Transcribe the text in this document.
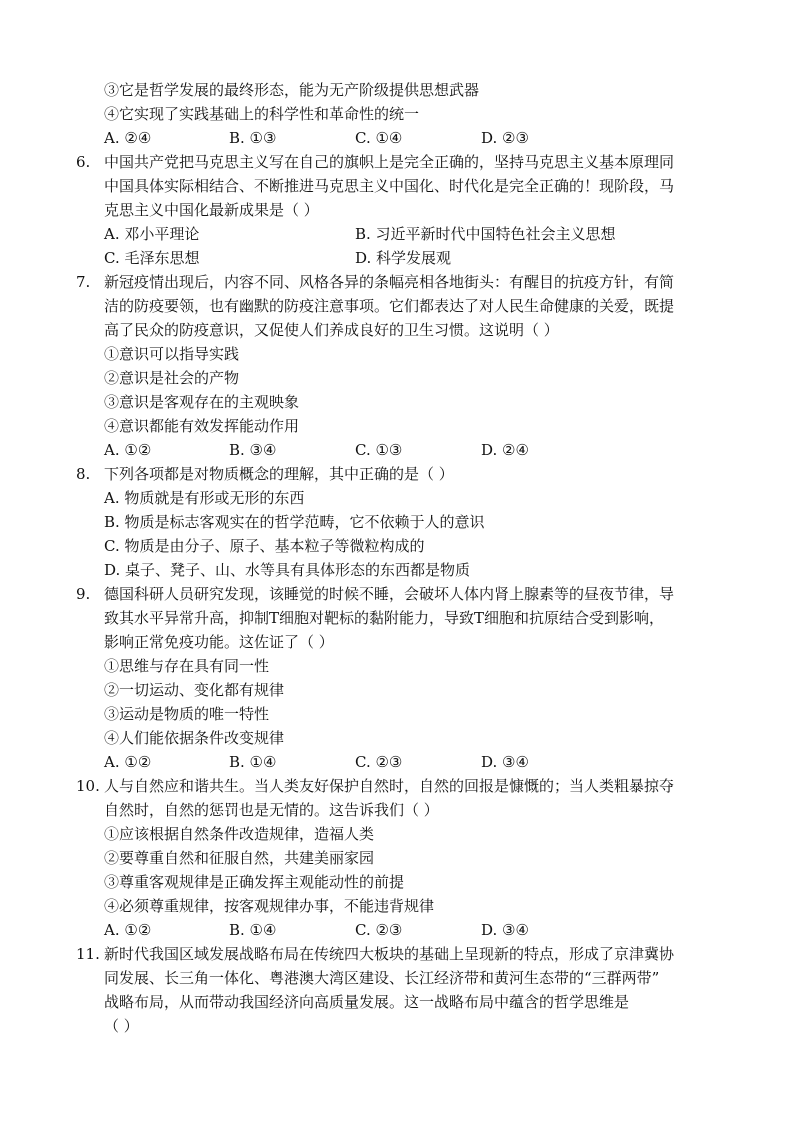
③它是哲学发展的最终形态，能为无产阶级提供思想武器
④它实现了实践基础上的科学性和革命性的统一
A. ②④	B. ①③	C. ①④	D. ②③
6. 中国共产党把马克思主义写在自己的旗帜上是完全正确的，坚持马克思主义基本原理同
中国具体实际相结合、不断推进马克思主义中国化、时代化是完全正确的！现阶段，马
克思主义中国化最新成果是（ ）
A. 邓小平理论	B. 习近平新时代中国特色社会主义思想
C. 毛泽东思想	D. 科学发展观
7. 新冠疫情出现后，内容不同、风格各异的条幅亮相各地街头：有醒目的抗疫方针，有简
洁的防疫要领，也有幽默的防疫注意事项。它们都表达了对人民生命健康的关爱，既提
高了民众的防疫意识，又促使人们养成良好的卫生习惯。这说明（ ）
①意识可以指导实践
②意识是社会的产物
③意识是客观存在的主观映象
④意识都能有效发挥能动作用
A. ①②	B. ③④	C. ①③	D. ②④
8. 下列各项都是对物质概念的理解，其中正确的是（ ）
A. 物质就是有形或无形的东西
B. 物质是标志客观实在的哲学范畴，它不依赖于人的意识
C. 物质是由分子、原子、基本粒子等微粒构成的
D. 桌子、凳子、山、水等具有具体形态的东西都是物质
9. 德国科研人员研究发现，该睡觉的时候不睡，会破坏人体内肾上腺素等的昼夜节律，导
致其水平异常升高，抑制T细胞对靶标的黏附能力，导致T细胞和抗原结合受到影响，
影响正常免疫功能。这佐证了（ ）
①思维与存在具有同一性
②一切运动、变化都有规律
③运动是物质的唯一特性
④人们能依据条件改变规律
A. ①②	B. ①④	C. ②③	D. ③④
10. 人与自然应和谐共生。当人类友好保护自然时，自然的回报是慷慨的；当人类粗暴掠夺
自然时，自然的惩罚也是无情的。这告诉我们（ ）
①应该根据自然条件改造规律，造福人类
②要尊重自然和征服自然，共建美丽家园
③尊重客观规律是正确发挥主观能动性的前提
④必须尊重规律，按客观规律办事，不能违背规律
A. ①②	B. ①④	C. ②③	D. ③④
11. 新时代我国区域发展战略布局在传统四大板块的基础上呈现新的特点，形成了京津冀协
同发展、长三角一体化、粤港澳大湾区建设、长江经济带和黄河生态带的“三群两带”
战略布局，从而带动我国经济向高质量发展。这一战略布局中蕴含的哲学思维是
（ ）
